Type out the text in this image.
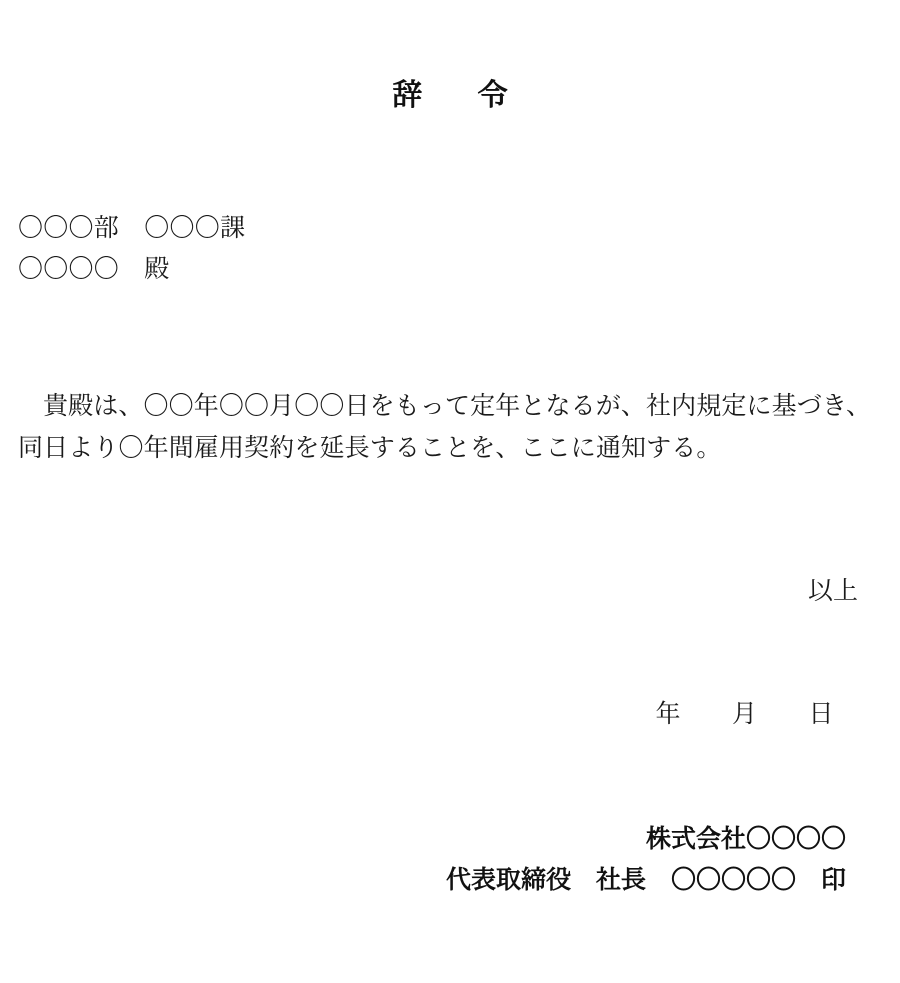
辞　令
〇〇〇部　〇〇〇課
〇〇〇〇　殿

貴殿は、〇〇年〇〇月〇〇日をもって定年となるが、社内規定に基づき、同日より〇年間雇用契約を延長することを、ここに通知する。

以上
年　　月　　日
株式会社〇〇〇〇
代表取締役　社長　〇〇〇〇〇　印
